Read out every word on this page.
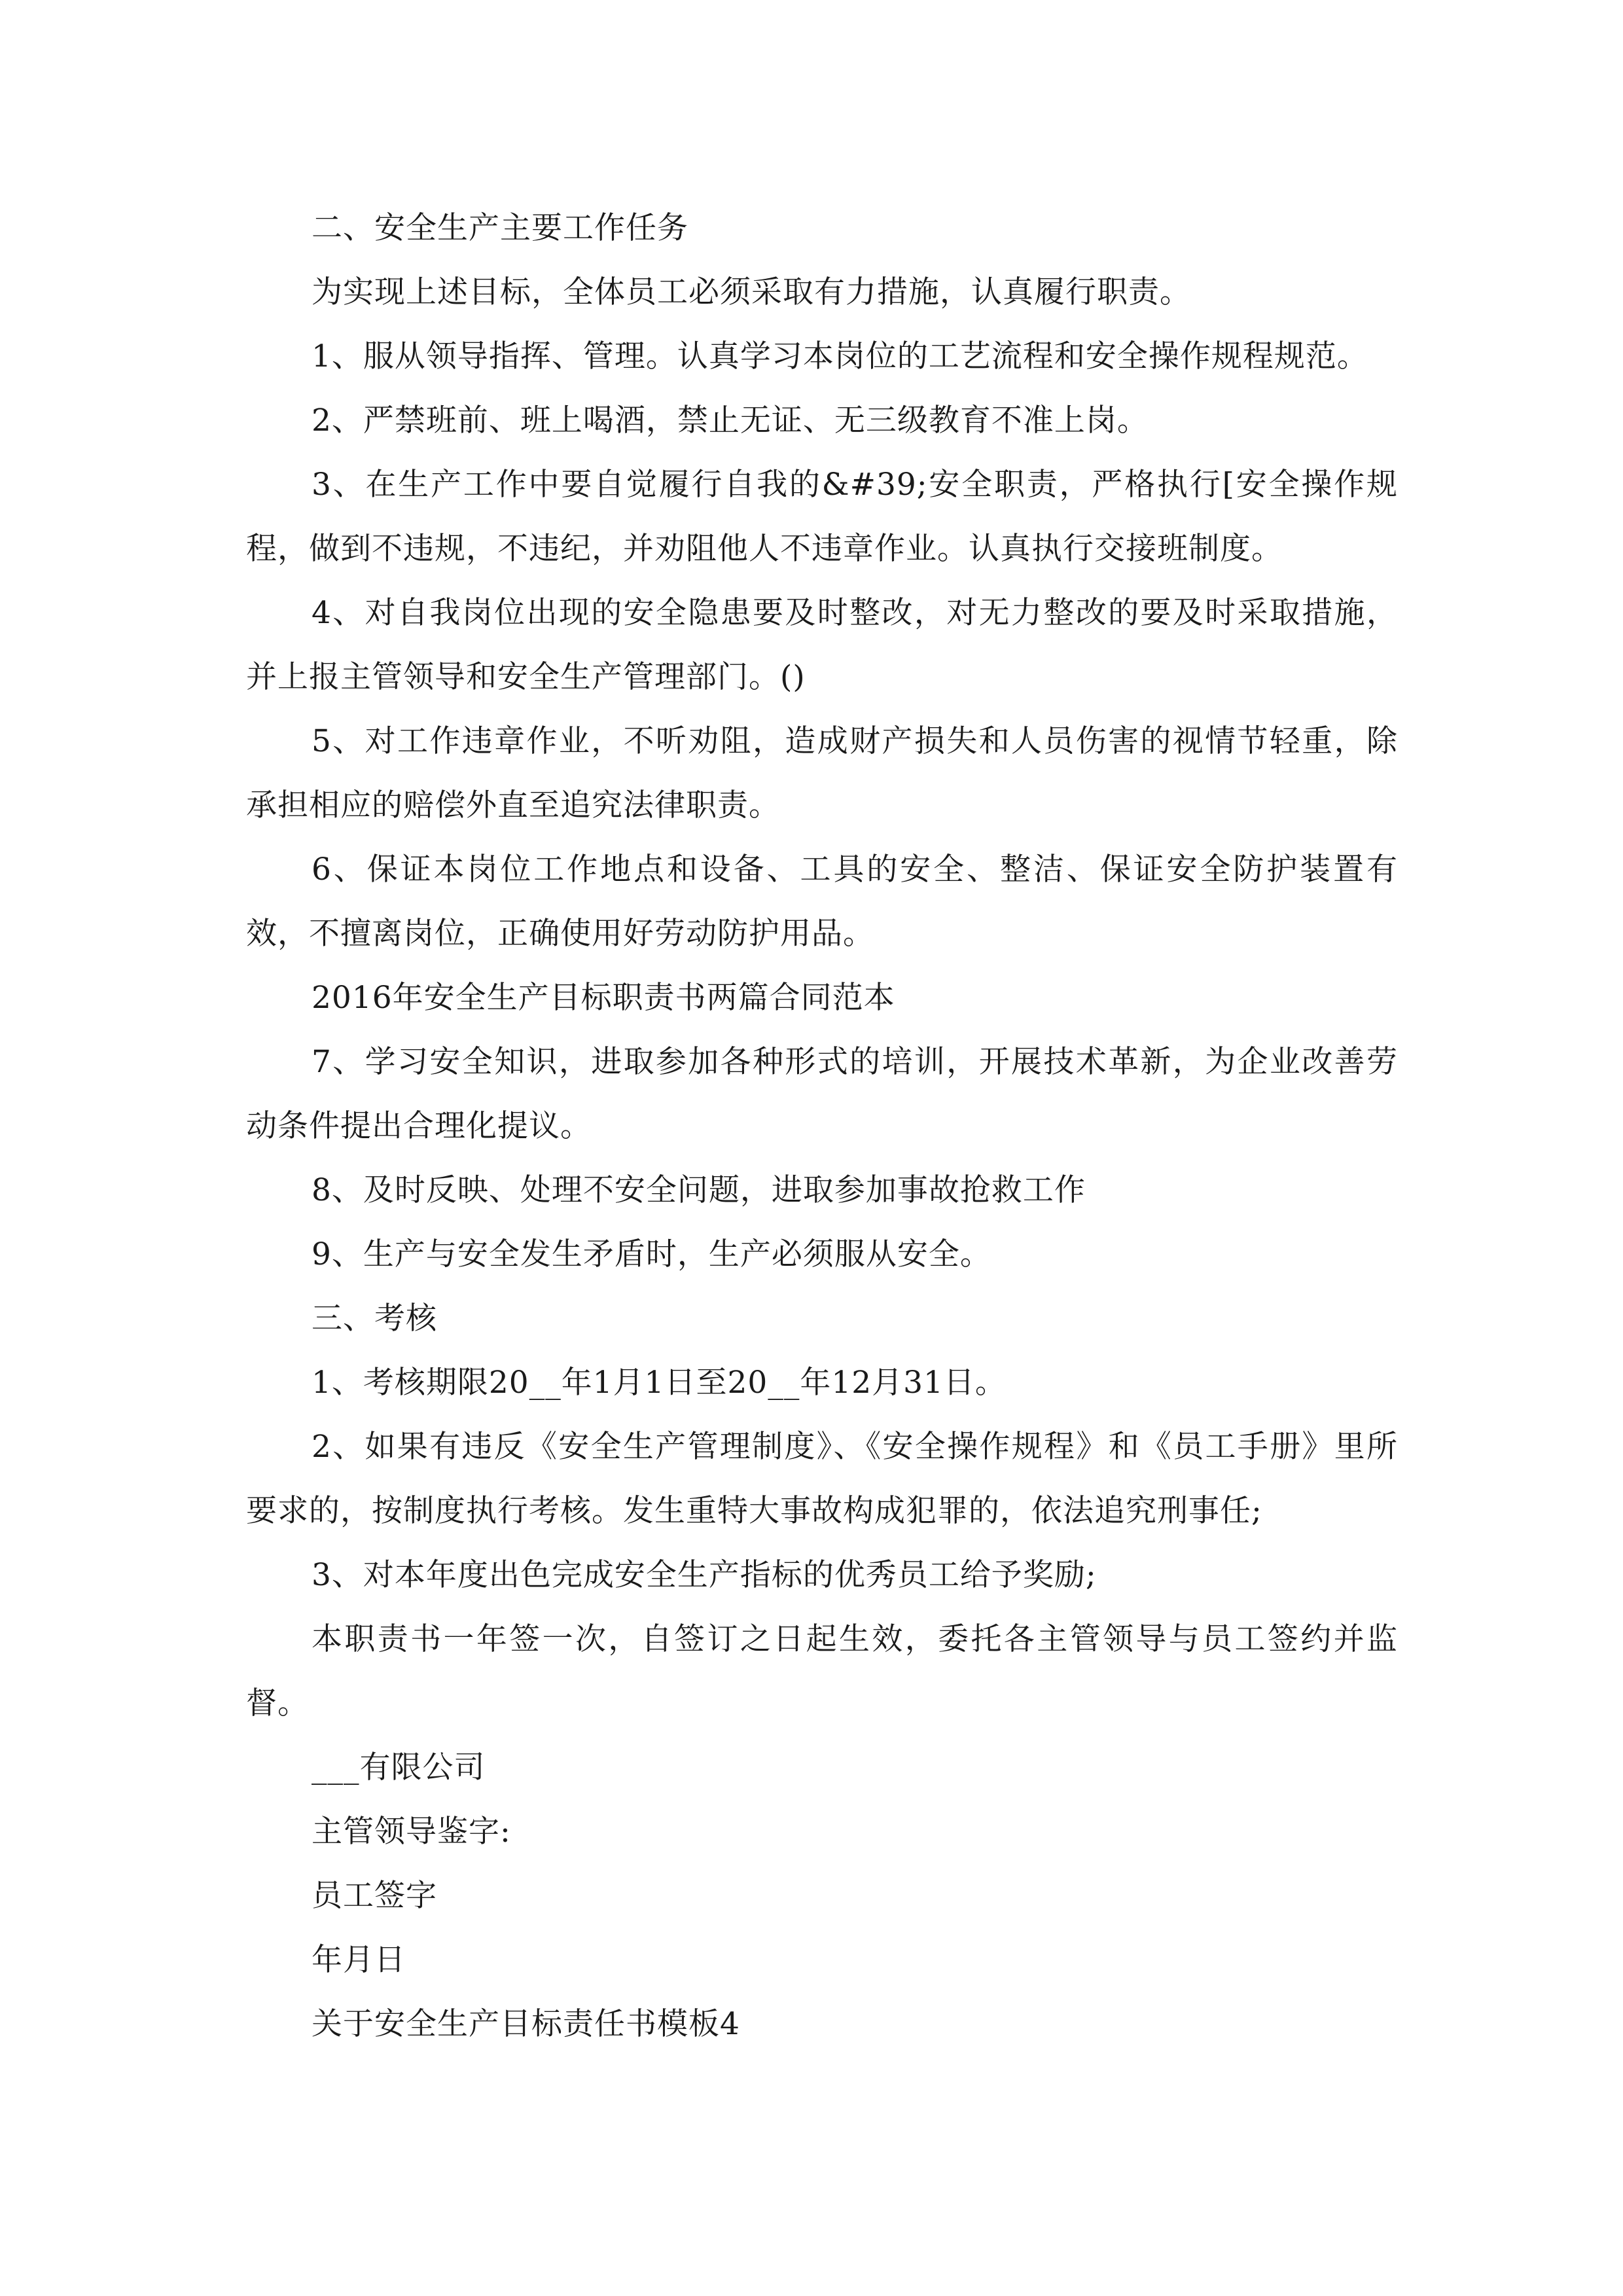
二、安全生产主要工作任务

为实现上述目标，全体员工必须采取有力措施，认真履行职责。

1、服从领导指挥、管理。认真学习本岗位的工艺流程和安全操作规程规范。

2、严禁班前、班上喝酒，禁止无证、无三级教育不准上岗。

3、在生产工作中要自觉履行自我的&#39;安全职责，严格执行[安全操作规程，做到不违规，不违纪，并劝阻他人不违章作业。认真执行交接班制度。

4、对自我岗位出现的安全隐患要及时整改，对无力整改的要及时采取措施，并上报主管领导和安全生产管理部门。()

5、对工作违章作业，不听劝阻，造成财产损失和人员伤害的视情节轻重，除承担相应的赔偿外直至追究法律职责。

6、保证本岗位工作地点和设备、工具的安全、整洁、保证安全防护装置有效，不擅离岗位，正确使用好劳动防护用品。

2016年安全生产目标职责书两篇合同范本

7、学习安全知识，进取参加各种形式的培训，开展技术革新，为企业改善劳动条件提出合理化提议。

8、及时反映、处理不安全问题，进取参加事故抢救工作

9、生产与安全发生矛盾时，生产必须服从安全。

三、考核

1、考核期限20__年1月1日至20__年12月31日。

2、如果有违反《安全生产管理制度》、《安全操作规程》和《员工手册》里所要求的，按制度执行考核。发生重特大事故构成犯罪的，依法追究刑事任;

3、对本年度出色完成安全生产指标的优秀员工给予奖励;

本职责书一年签一次，自签订之日起生效，委托各主管领导与员工签约并监督。

___有限公司

主管领导鉴字:

员工签字

年月日

关于安全生产目标责任书模板4
